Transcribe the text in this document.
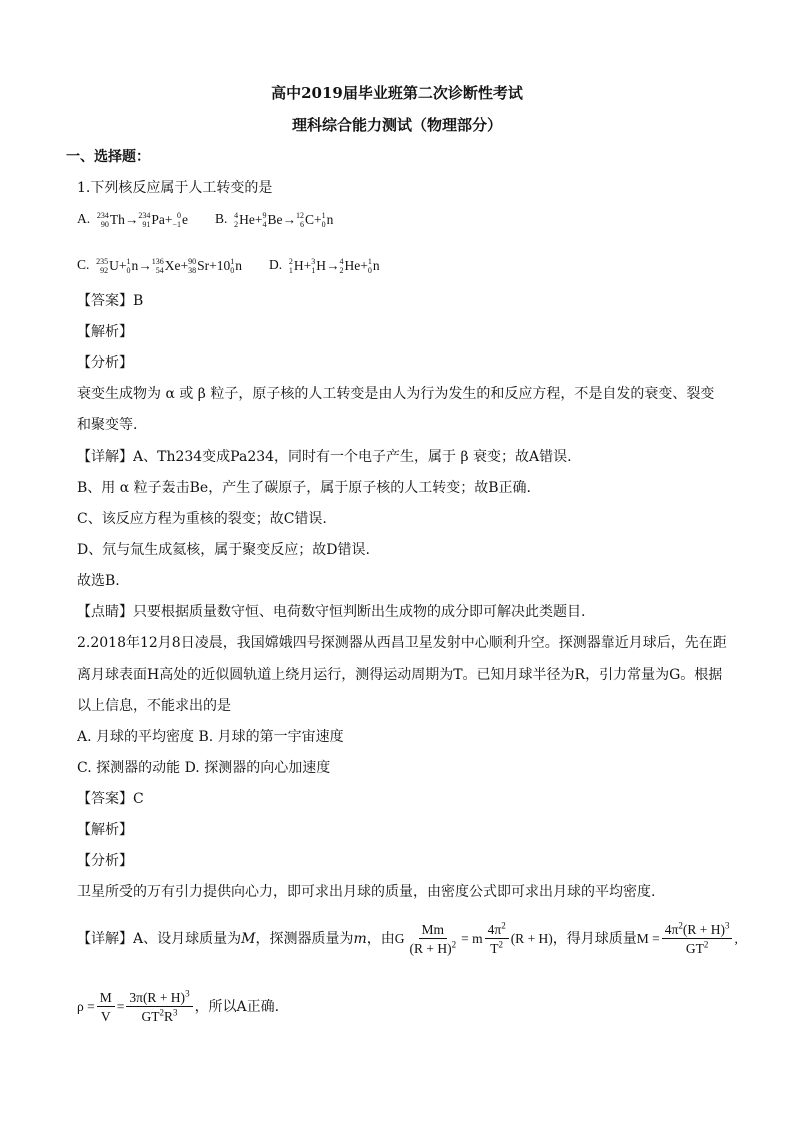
高中2019届毕业班第二次诊断性考试
理科综合能力测试（物理部分）
一、选择题：
1.下列核反应属于人工转变的是
A. 234
90 Th→ 234
91 Pa+ 0
−1 e        B. 4
2 He+ 9
4 Be→ 12
6 C+ 1
0 n
C. 235
92 U+ 1
0 n→ 136
54 Xe+ 90
38 Sr+10 1
0 n        D. 2
1 H+ 3
1 H→ 4
2 He+ 1
0 n
【答案】B
【解析】
【分析】
衰变生成物为 α 或 β 粒子，原子核的人工转变是由人为行为发生的和反应方程，不是自发的衰变、裂变
和聚变等.
【详解】A、Th234变成Pa234，同时有一个电子产生，属于 β 衰变；故A错误.
B、用 α 粒子轰击Be，产生了碳原子，属于原子核的人工转变；故B正确.
C、该反应方程为重核的裂变；故C错误.
D、氘与氚生成氦核，属于聚变反应；故D错误.
故选B.
【点睛】只要根据质量数守恒、电荷数守恒判断出生成物的成分即可解决此类题目.
2.2018年12月8日凌晨，我国嫦娥四号探测器从西昌卫星发射中心顺利升空。探测器靠近月球后，先在距
离月球表面H高处的近似圆轨道上绕月运行，测得运动周期为T。已知月球半径为R，引力常量为G。根据
以上信息，不能求出的是
A. 月球的平均密度 B. 月球的第一宇宙速度
C. 探测器的动能 D. 探测器的向心加速度
【答案】C
【解析】
【分析】
卫星所受的万有引力提供向心力，即可求出月球的质量，由密度公式即可求出月球的平均密度.
【详解】A、设月球质量为 M ，探测器质量为 m ，由 G $\frac{Mm}{(R + H)^2} = m \frac{4\pi^2}{T^2} (R + H)$ ，得月球质量 $M = \frac{4\pi^2(R + H)^3}{GT^2}$ ,
$\rho = \frac{M}{V} = \frac{3\pi(R + H)^3}{GT^2R^3}$ ，所以A正确.
